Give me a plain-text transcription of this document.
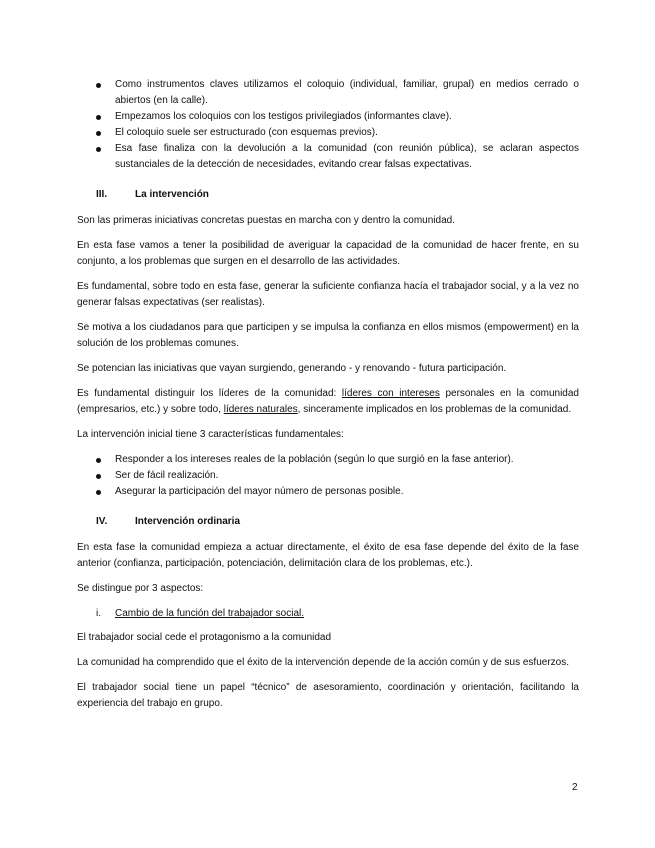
Como instrumentos claves utilizamos el coloquio (individual, familiar, grupal) en medios cerrado o abiertos (en la calle).
Empezamos los coloquios con los testigos privilegiados (informantes clave).
El coloquio suele ser estructurado (con esquemas previos).
Esa fase finaliza con la devolución a la comunidad (con reunión pública), se aclaran aspectos sustanciales de la detección de necesidades, evitando crear falsas expectativas.
III.	La intervención

Son las primeras iniciativas concretas puestas en marcha con y dentro la comunidad.

En esta fase vamos a tener la posibilidad de averiguar la capacidad de la comunidad de hacer frente, en su conjunto, a los problemas que surgen en el desarrollo de las actividades.

Es fundamental, sobre todo en esta fase, generar la suficiente confianza hacía el trabajador social, y a la vez no generar falsas expectativas (ser realistas).

Se motiva a los ciudadanos para que participen y se impulsa la confianza en ellos mismos (empowerment) en la solución de los problemas comunes.

Se potencian las iniciativas que vayan surgiendo, generando - y renovando - futura participación.

Es fundamental distinguir los líderes de la comunidad: líderes con intereses personales en la comunidad (empresarios, etc.) y sobre todo, líderes naturales, sinceramente implicados en los problemas de la comunidad.

La intervención inicial tiene 3 características fundamentales:

Responder a los intereses reales de la población (según lo que surgió en la fase anterior).
Ser de fácil realización.
Asegurar la participación del mayor número de personas posible.
IV.	Intervención ordinaria

En esta fase la comunidad empieza a actuar directamente, el éxito de esa fase depende del éxito de la fase anterior (confianza, participación, potenciación, delimitación clara de los problemas, etc.).

Se distingue por 3 aspectos:

i.	Cambio de la función del trabajador social.

El trabajador social cede el protagonismo a la comunidad

La comunidad ha comprendido que el éxito de la intervención depende de la acción común y de sus esfuerzos.

El trabajador social tiene un papel “técnico” de asesoramiento, coordinación y orientación, facilitando la experiencia del trabajo en grupo.

2
